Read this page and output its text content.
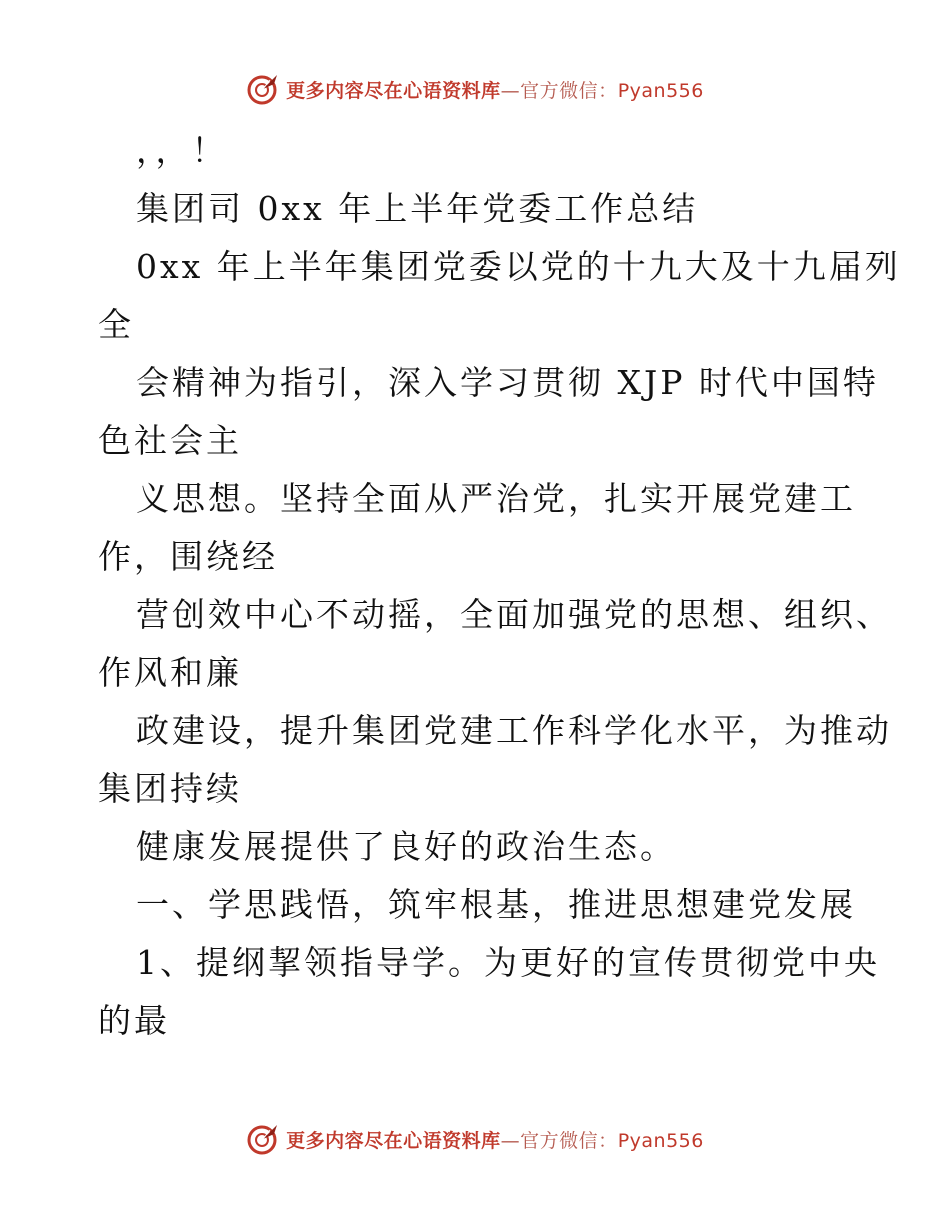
更多内容尽在心语资料库—官方微信：Pyan556
，，！
集团司 0xx 年上半年党委工作总结
0xx 年上半年集团党委以党的十九大及十九届列
全
会精神为指引，深入学习贯彻 XJP 时代中国特
色社会主
义思想。坚持全面从严治党，扎实开展党建工
作，围绕经
营创效中心不动摇，全面加强党的思想、组织、
作风和廉
政建设，提升集团党建工作科学化水平，为推动
集团持续
健康发展提供了良好的政治生态。
一、学思践悟，筑牢根基，推进思想建党发展
1、提纲挈领指导学。为更好的宣传贯彻党中央
的最
更多内容尽在心语资料库—官方微信：Pyan556
